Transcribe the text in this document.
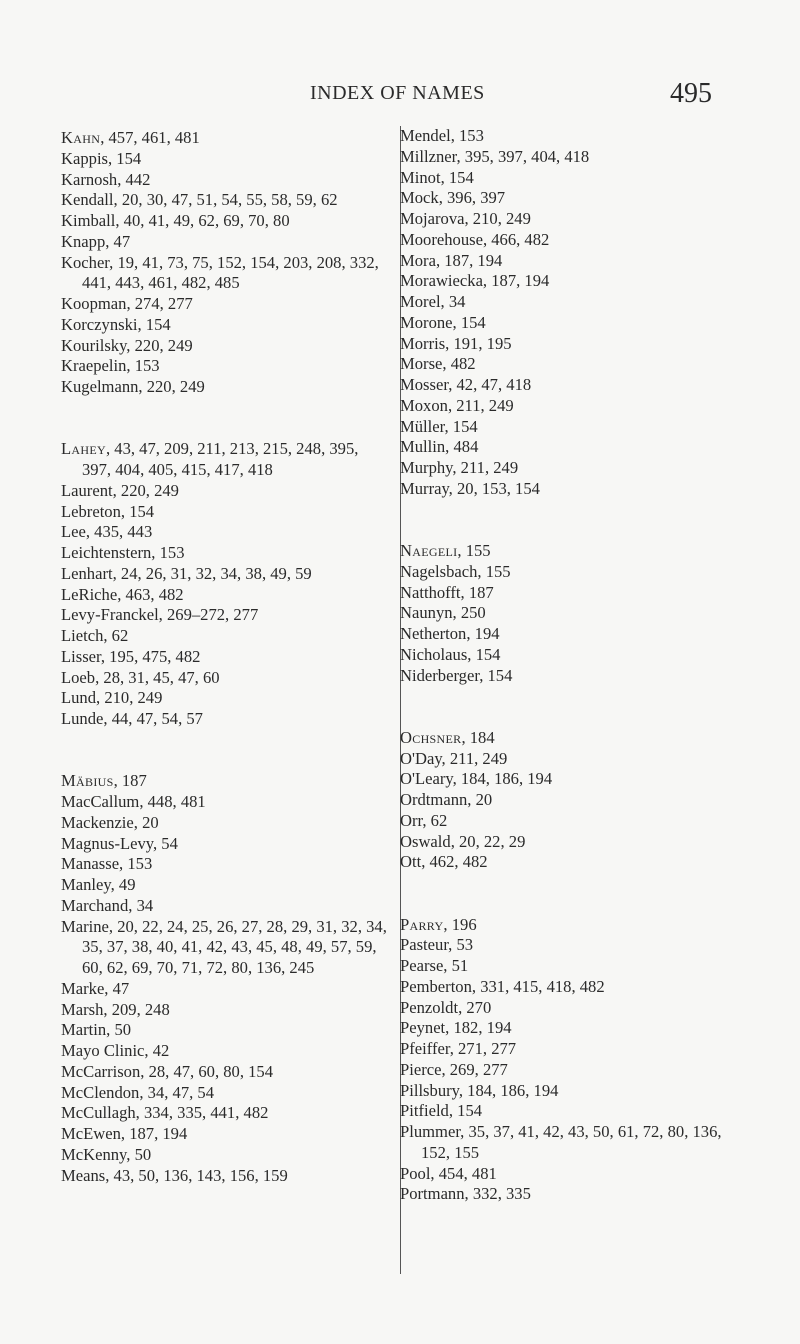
INDEX OF NAMES	495
Kahn, 457, 461, 481
Kappis, 154
Karnosh, 442
Kendall, 20, 30, 47, 51, 54, 55, 58, 59, 62
Kimball, 40, 41, 49, 62, 69, 70, 80
Knapp, 47
Kocher, 19, 41, 73, 75, 152, 154, 203, 208, 332, 441, 443, 461, 482, 485
Koopman, 274, 277
Korczynski, 154
Kourilsky, 220, 249
Kraepelin, 153
Kugelmann, 220, 249
Lahey, 43, 47, 209, 211, 213, 215, 248, 395, 397, 404, 405, 415, 417, 418
Laurent, 220, 249
Lebreton, 154
Lee, 435, 443
Leichtenstern, 153
Lenhart, 24, 26, 31, 32, 34, 38, 49, 59
LeRiche, 463, 482
Levy-Franckel, 269–272, 277
Lietch, 62
Lisser, 195, 475, 482
Loeb, 28, 31, 45, 47, 60
Lund, 210, 249
Lunde, 44, 47, 54, 57
Mäbius, 187
MacCallum, 448, 481
Mackenzie, 20
Magnus-Levy, 54
Manasse, 153
Manley, 49
Marchand, 34
Marine, 20, 22, 24, 25, 26, 27, 28, 29, 31, 32, 34, 35, 37, 38, 40, 41, 42, 43, 45, 48, 49, 57, 59, 60, 62, 69, 70, 71, 72, 80, 136, 245
Marke, 47
Marsh, 209, 248
Martin, 50
Mayo Clinic, 42
McCarrison, 28, 47, 60, 80, 154
McClendon, 34, 47, 54
McCullagh, 334, 335, 441, 482
McEwen, 187, 194
McKenny, 50
Means, 43, 50, 136, 143, 156, 159
Mendel, 153
Millzner, 395, 397, 404, 418
Minot, 154
Mock, 396, 397
Mojarova, 210, 249
Moorehouse, 466, 482
Mora, 187, 194
Morawiecka, 187, 194
Morel, 34
Morone, 154
Morris, 191, 195
Morse, 482
Mosser, 42, 47, 418
Moxon, 211, 249
Müller, 154
Mullin, 484
Murphy, 211, 249
Murray, 20, 153, 154
Naegeli, 155
Nagelsbach, 155
Natthofft, 187
Naunyn, 250
Netherton, 194
Nicholaus, 154
Niderberger, 154
Ochsner, 184
O'Day, 211, 249
O'Leary, 184, 186, 194
Ordtmann, 20
Orr, 62
Oswald, 20, 22, 29
Ott, 462, 482
Parry, 196
Pasteur, 53
Pearse, 51
Pemberton, 331, 415, 418, 482
Penzoldt, 270
Peynet, 182, 194
Pfeiffer, 271, 277
Pierce, 269, 277
Pillsbury, 184, 186, 194
Pitfield, 154
Plummer, 35, 37, 41, 42, 43, 50, 61, 72, 80, 136, 152, 155
Pool, 454, 481
Portmann, 332, 335
